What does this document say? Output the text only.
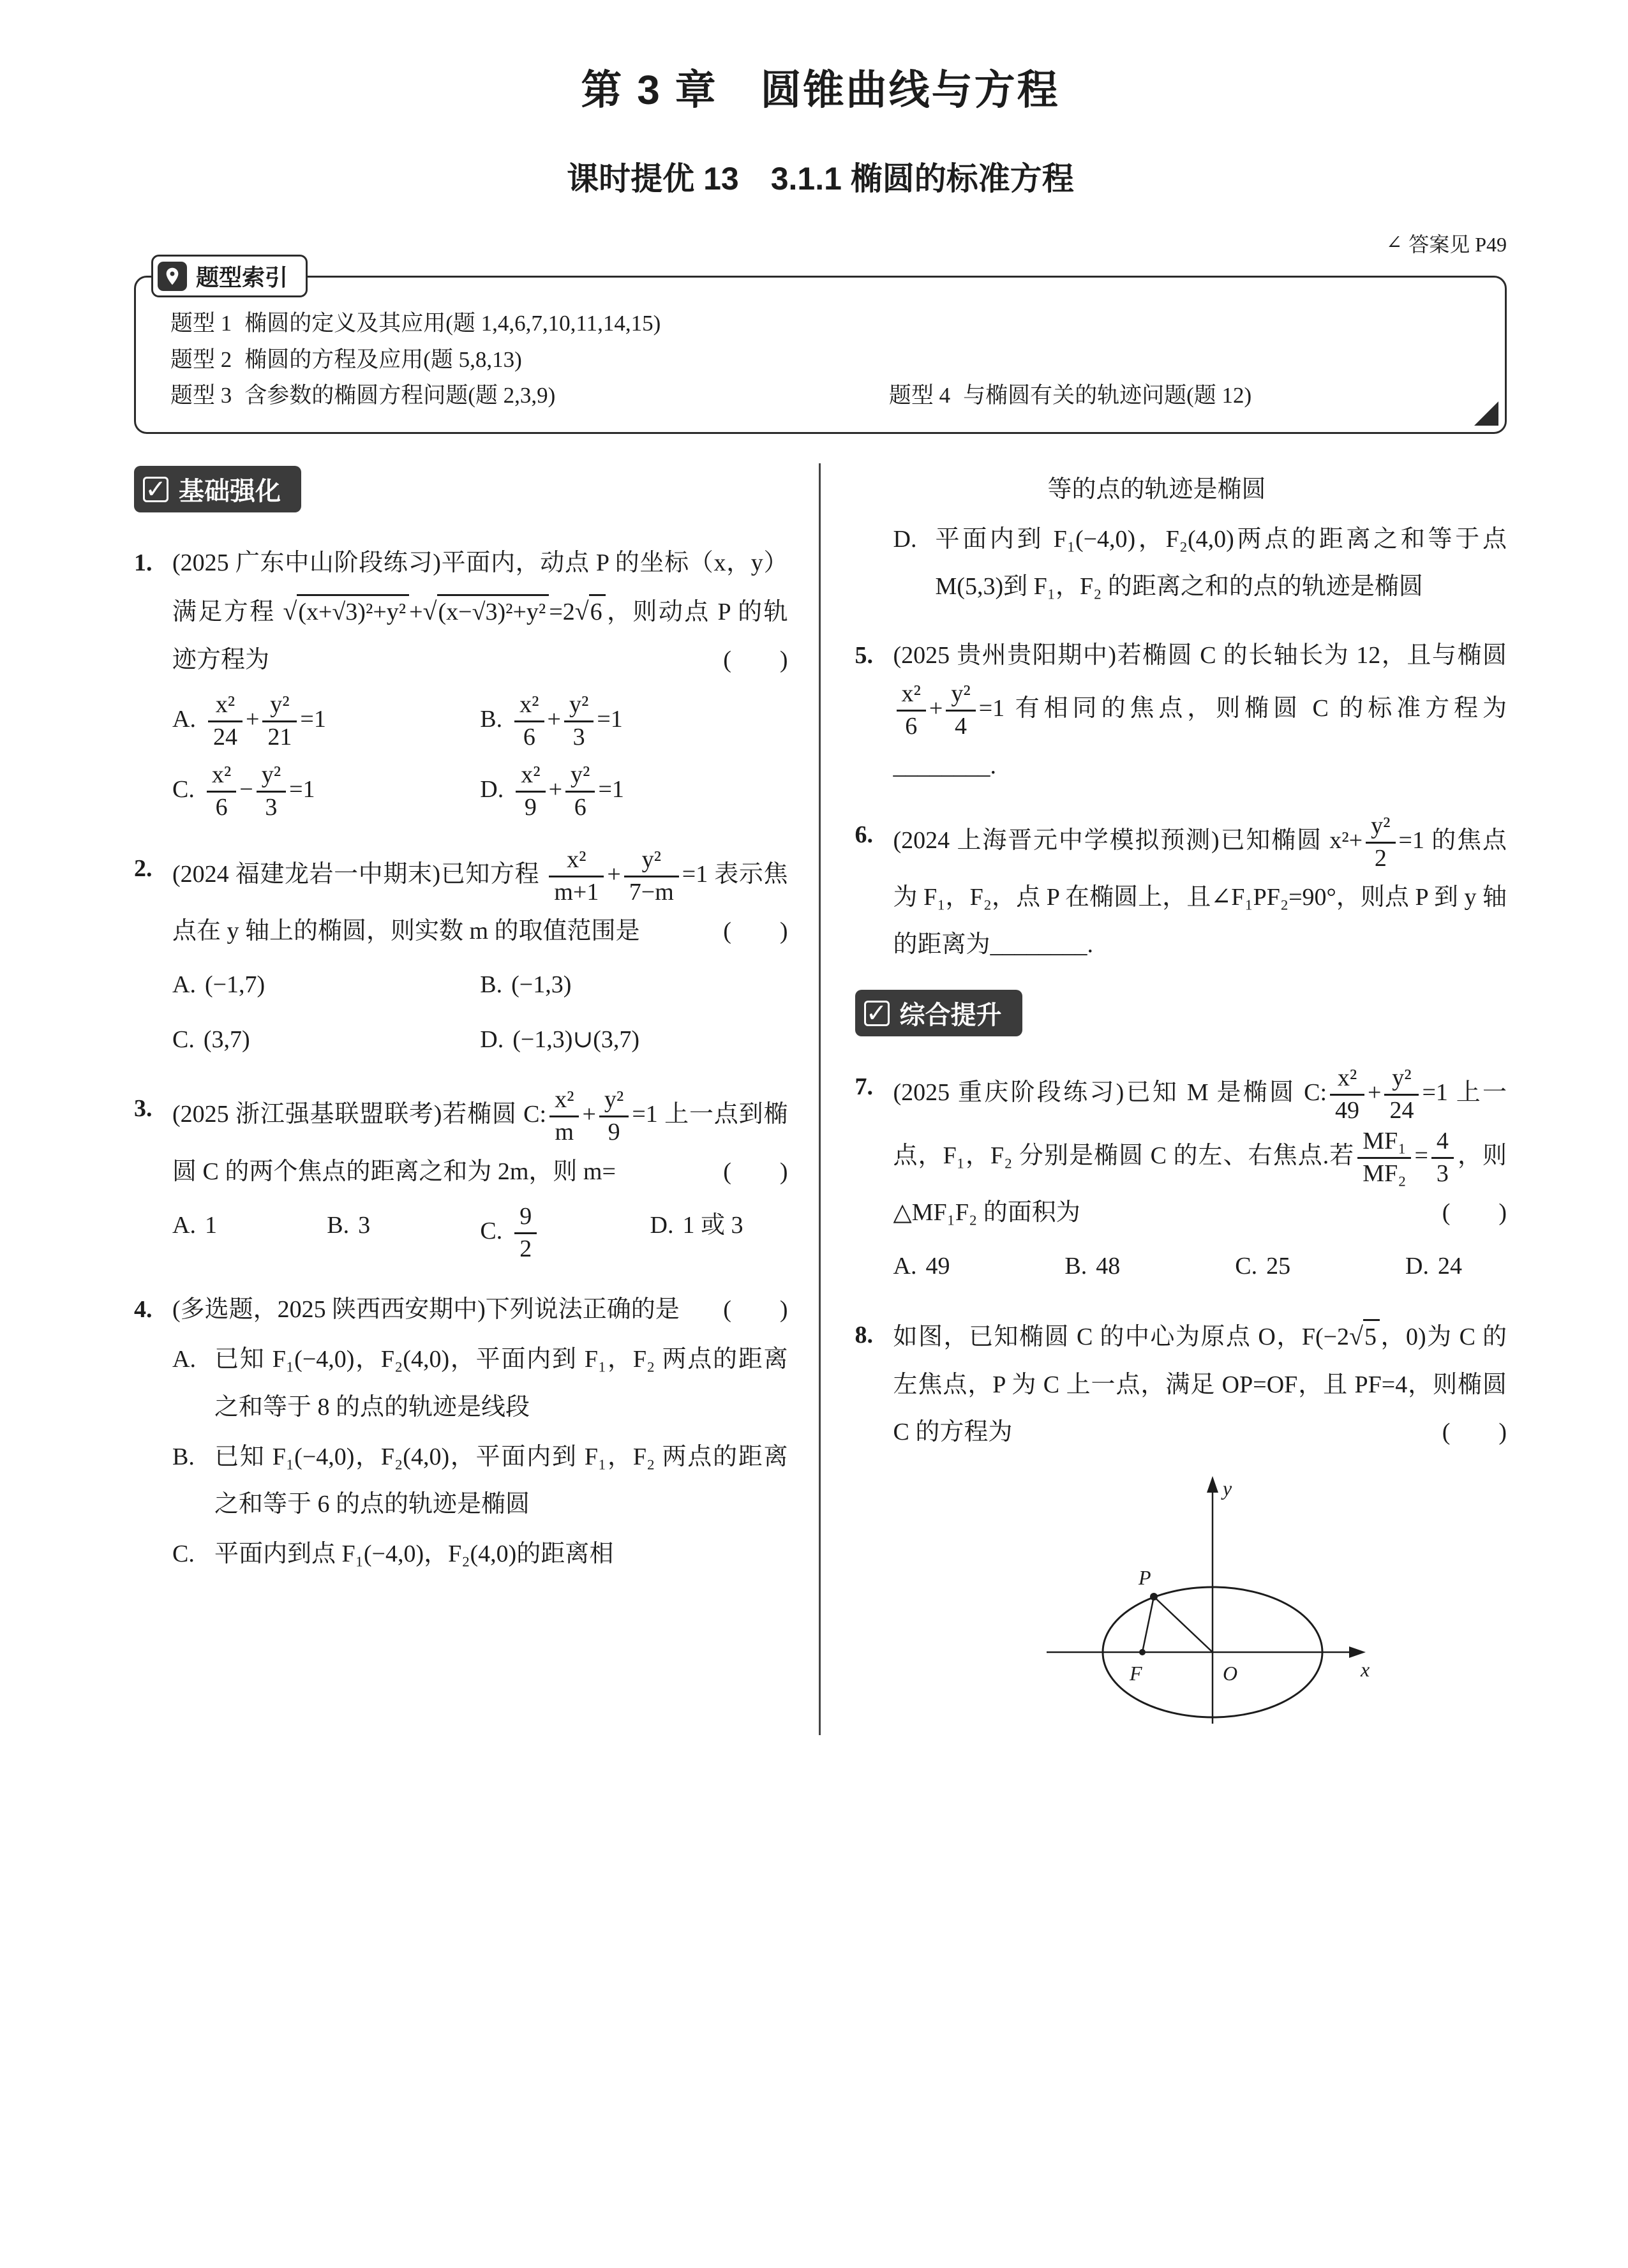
第 3 章　圆锥曲线与方程
课时提优 13　3.1.1 椭圆的标准方程
∠ 答案见 P49
题型索引
题型 1 椭圆的定义及其应用(题 1,4,6,7,10,11,14,15)
题型 2 椭圆的方程及应用(题 5,8,13)
题型 3 含参数的椭圆方程问题(题 2,3,9)	题型 4 与椭圆有关的轨迹问题(题 12)
✓ 基础强化
1. (2025 广东中山阶段练习)平面内，动点 P 的坐标（x，y）满足方程 √(x+√3)²+y² +√(x−√3)²+y² =2√6 ，则动点 P 的轨迹方程为	(　　)
A. $\frac{\text{x²}}{24} + \frac{\text{y²}}{21} =1$	B. $\frac{\text{x²}}{6} + \frac{\text{y²}}{3} =1$
C. $\frac{\text{x²}}{6} - \frac{\text{y²}}{3} =1$	D. $\frac{\text{x²}}{9} + \frac{\text{y²}}{6} =1$
2. (2024 福建龙岩一中期末)已知方程 $\frac{\text{x²}}{m+1} + \frac{\text{y²}}{7-m} =1$ 表示焦点在 y 轴上的椭圆，则实数 m 的取值范围是	(　　)
A. (−1,7)	B. (−1,3)
C. (3,7)	D. (−1,3)∪(3,7)
3. (2025 浙江强基联盟联考)若椭圆 C: $\frac{\text{x²}}{m} + \frac{\text{y²}}{9} =1$ 上一点到椭圆 C 的两个焦点的距离之和为 2m，则 m=	(　　)
A. 1	B. 3	C. $\frac{9}{2}$	D. 1 或 3
4. (多选题，2025 陕西西安期中)下列说法正确的是 (　　)
A. 已知 F₁(−4,0)，F₂(4,0)，平面内到 F₁，F₂ 两点的距离之和等于 8 的点的轨迹是线段
B. 已知 F₁(−4,0)，F₂(4,0)，平面内到 F₁，F₂ 两点的距离之和等于 6 的点的轨迹是椭圆
C. 平面内到点 F₁(−4,0)，F₂(4,0)的距离相
等的点的轨迹是椭圆
D. 平面内到 F₁(−4,0)，F₂(4,0)两点的距离之和等于点 M(5,3)到 F₁，F₂ 的距离之和的点的轨迹是椭圆
5. (2025 贵州贵阳期中)若椭圆 C 的长轴长为 12，且与椭圆
$\frac{\text{x²}}{6} + \frac{\text{y²}}{4} =1$ 有相同的焦点，则椭圆 C 的标准方程为________.
6. (2024 上海晋元中学模拟预测)已知椭圆 $x^2+ \frac{\text{y²}}{2} =1$ 的焦点为 F₁，F₂，点 P 在椭圆上，且∠F₁PF₂=90°，则点 P 到 y 轴的距离为________.
✓ 综合提升
7. (2025 重庆阶段练习)已知 M 是椭圆 C: $\frac{\text{x²}}{49} + \frac{\text{y²}}{24} =1$ 上一点，F₁，F₂ 分别是椭圆 C 的左、右焦点.若 $\frac{\text{MF₁}}{\text{MF₂}} = \frac{4}{3}$ ，则△MF₁F₂ 的面积为	(　　)
A. 49	B. 48	C. 25	D. 24
8. 如图，已知椭圆 C 的中心为原点 O，F(−2√5 ，0)为 C 的左焦点，P 为 C 上一点，满足 OP=OF，且 PF=4，则椭圆 C 的方程为	(　　)
P
F	O	x
y
